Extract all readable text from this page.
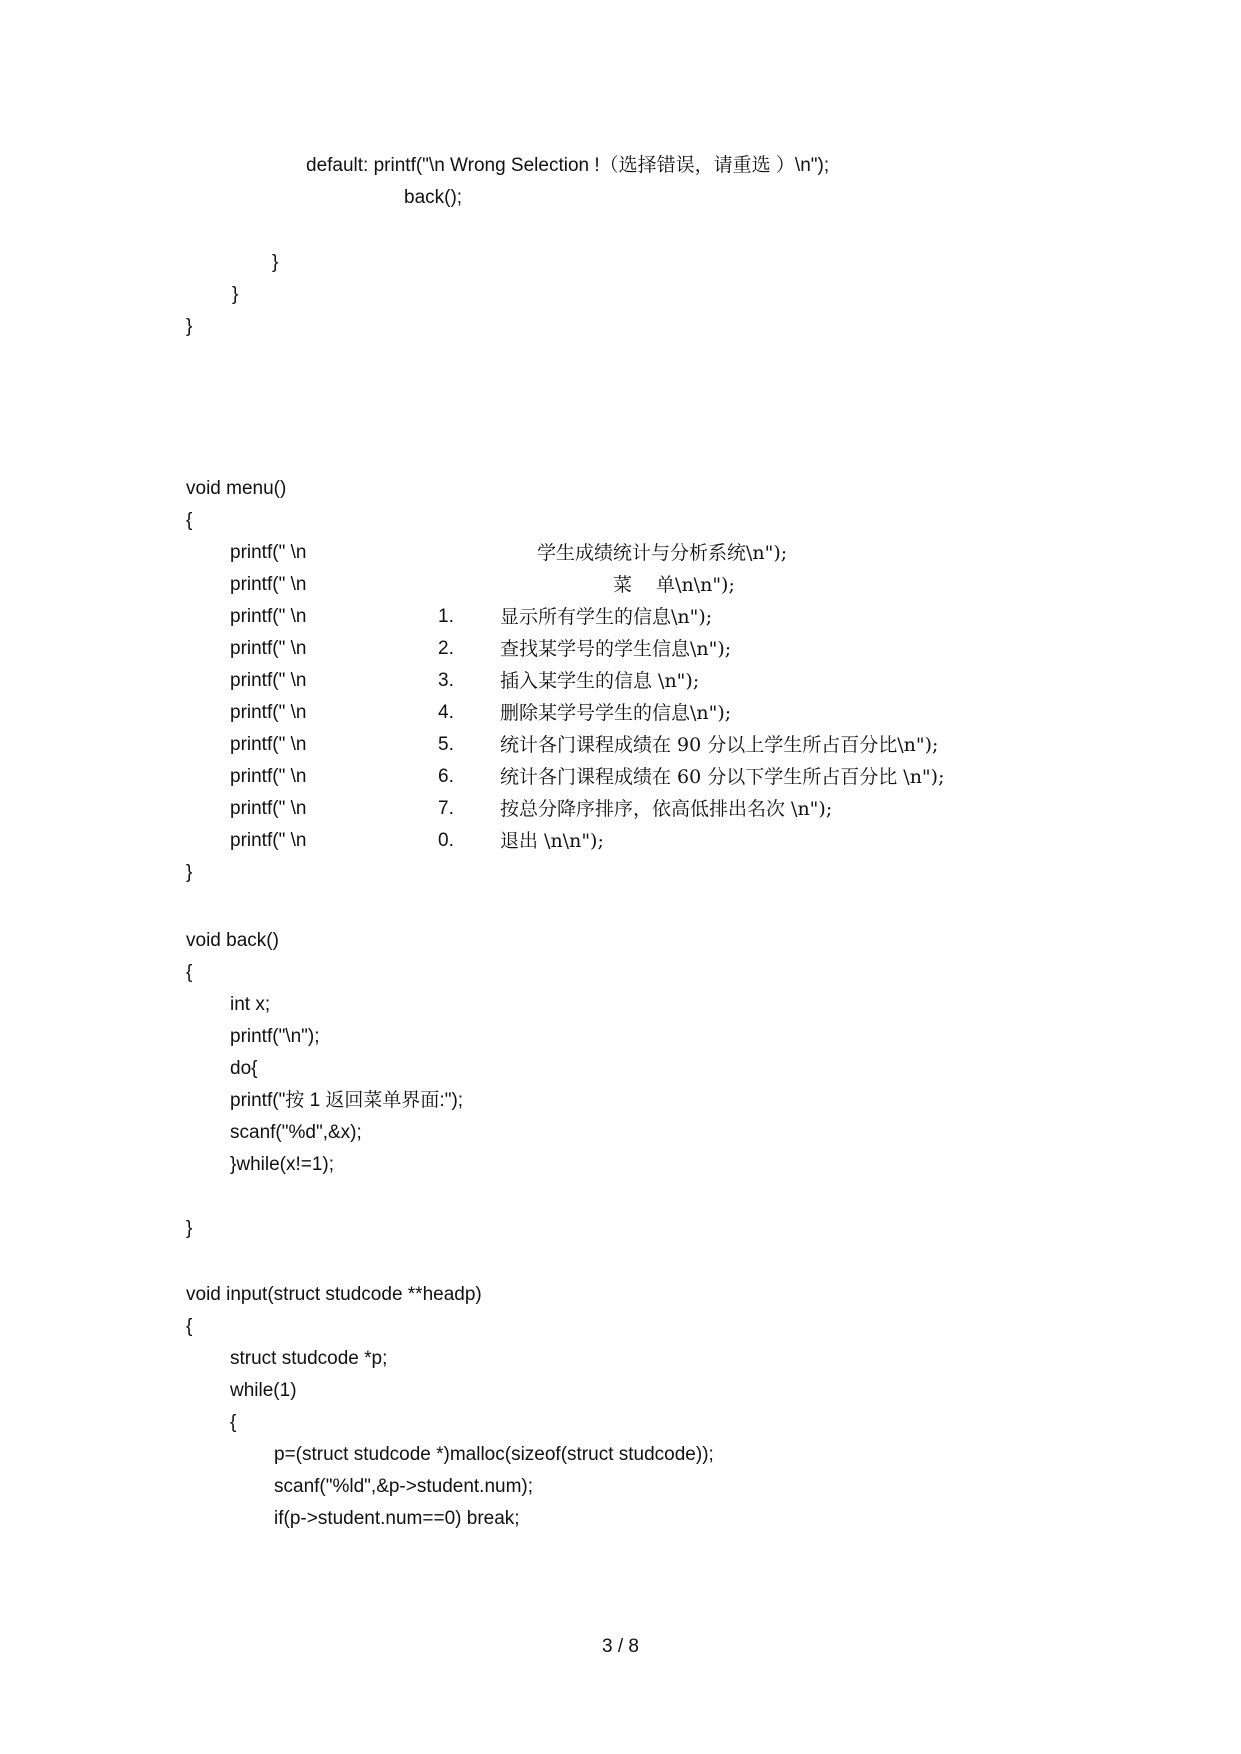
default: printf("\n Wrong Selection !（选择错误，请重选 ）\n");
back();
}
}
}
void menu()
{
printf(" \n	学生成绩统计与分析系统\n");
printf(" \n	菜 单\n\n");
printf(" \n	1. 显示所有学生的信息\n");
printf(" \n	2. 查找某学号的学生信息\n");
printf(" \n	3. 插入某学生的信息 \n");
printf(" \n	4. 删除某学号学生的信息\n");
printf(" \n	5. 统计各门课程成绩在 90 分以上学生所占百分比\n");
printf(" \n	6. 统计各门课程成绩在 60 分以下学生所占百分比 \n");
printf(" \n	7. 按总分降序排序，依高低排出名次 \n");
printf(" \n	0. 退出 \n\n");
}
void back()
{
int x;
printf("\n");
do{
printf("按 1 返回菜单界面:");
scanf("%d",&x);
}while(x!=1);
}
void input(struct studcode **headp)
{
struct studcode *p;
while(1)
{
p=(struct studcode *)malloc(sizeof(struct studcode));
scanf("%ld",&p->student.num);
if(p->student.num==0) break;
3 / 8
